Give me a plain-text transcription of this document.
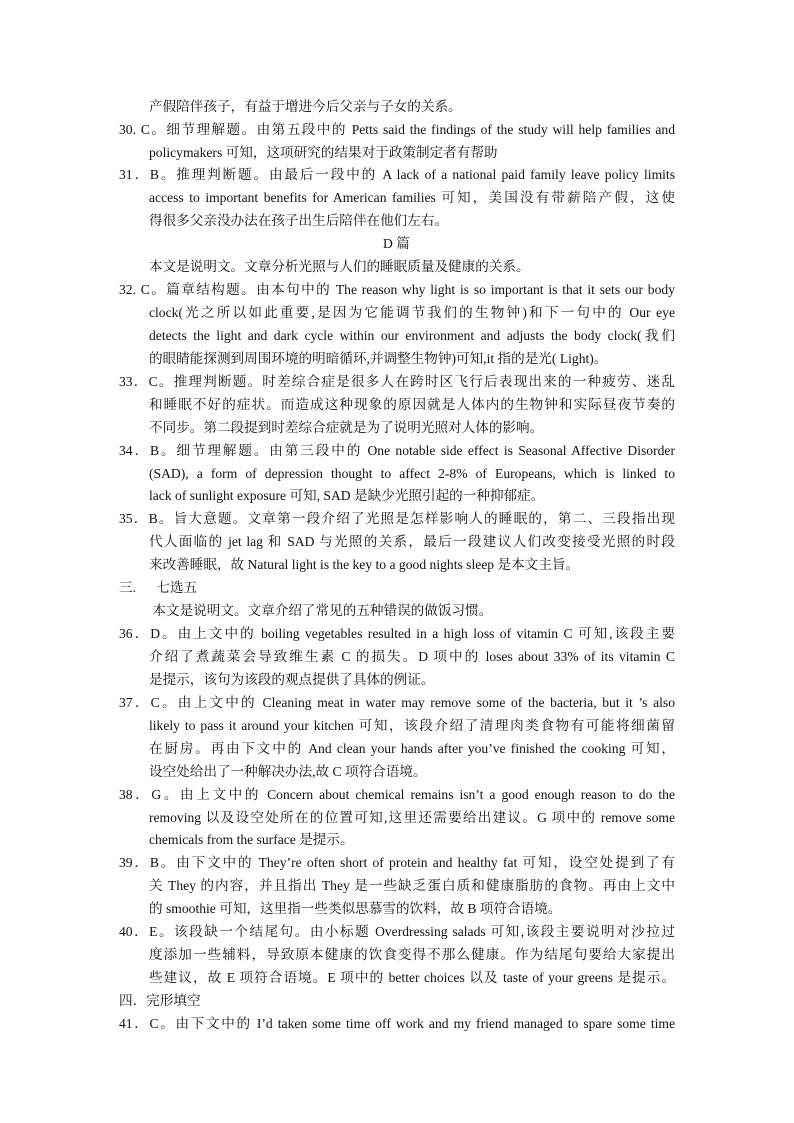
产假陪伴孩子，有益于增进今后父亲与子女的关系。
30. C。细节理解题。由第五段中的 Petts said the findings of the study will help families and
policymakers 可知，这项研究的结果对于政策制定者有帮助
31．B。推理判断题。由最后一段中的 A lack of a national paid family leave policy limits
access to important benefits for American families 可知，美国没有带薪陪产假，这使
得很多父亲没办法在孩子出生后陪伴在他们左右。
D 篇
本文是说明文。文章分析光照与人们的睡眠质量及健康的关系。
32. C。篇章结构题。由本句中的 The reason why light is so important is that it sets our body
clock(光之所以如此重要,是因为它能调节我们的生物钟)和下一句中的 Our eye
detects the light and dark cycle within our environment and adjusts the body clock(我们
的眼睛能探测到周围环境的明暗循环,并调整生物钟)可知,it 指的是光( Light)。
33．C。推理判断题。时差综合症是很多人在跨时区飞行后表现出来的一种疲劳、迷乱
和睡眠不好的症状。而造成这种现象的原因就是人体内的生物钟和实际昼夜节奏的
不同步。第二段提到时差综合症就是为了说明光照对人体的影响。
34．B。细节理解题。由第三段中的 One notable side effect is Seasonal Affective Disorder
(SAD), a form of depression thought to affect 2-8% of Europeans, which is linked to
lack of sunlight exposure 可知, SAD 是缺少光照引起的一种抑郁症。
35．B。旨大意题。文章第一段介绍了光照是怎样影响人的睡眠的，第二、三段指出现
代人面临的 jet lag 和 SAD 与光照的关系，最后一段建议人们改变接受光照的时段
来改善睡眠，故 Natural light is the key to a good nights sleep 是本文主旨。
三.      七选五
本文是说明文。文章介绍了常见的五种错误的做饭习惯。
36．D。由上文中的 boiling vegetables resulted in a high loss of vitamin C 可知,该段主要
介绍了煮蔬菜会导致维生素 C 的损失。D 项中的 loses about 33% of its vitamin C
是提示，该句为该段的观点提供了具体的例证。
37．C。由上文中的 Cleaning meat in water may remove some of the bacteria, but it ’s also
likely to pass it around your kitchen 可知，该段介绍了清理肉类食物有可能将细菌留
在厨房。再由下文中的 And clean your hands after you’ve finished the cooking 可知，
设空处给出了一种解决办法,故 C 项符合语境。
38．G。由上文中的 Concern about chemical remains isn’t a good enough reason to do the
removing 以及设空处所在的位置可知,这里还需要给出建议。G 项中的 remove some
chemicals from the surface 是提示。
39．B。由下文中的 They’re often short of protein and healthy fat 可知，设空处提到了有
关 They 的内容，并且指出 They 是一些缺乏蛋白质和健康脂肪的食物。再由上文中
的 smoothie 可知，这里指一些类似思慕雪的饮料，故 B 项符合语境。
40．E。该段缺一个结尾句。由小标题 Overdressing salads 可知,该段主要说明对沙拉过
度添加一些辅料，导致原本健康的饮食变得不那么健康。作为结尾句要给大家提出
些建议，故 E 项符合语境。E 项中的 better choices 以及 taste of your greens 是提示。
四．完形填空
41．C。由下文中的 I’d taken some time off work and my friend managed to spare some time
